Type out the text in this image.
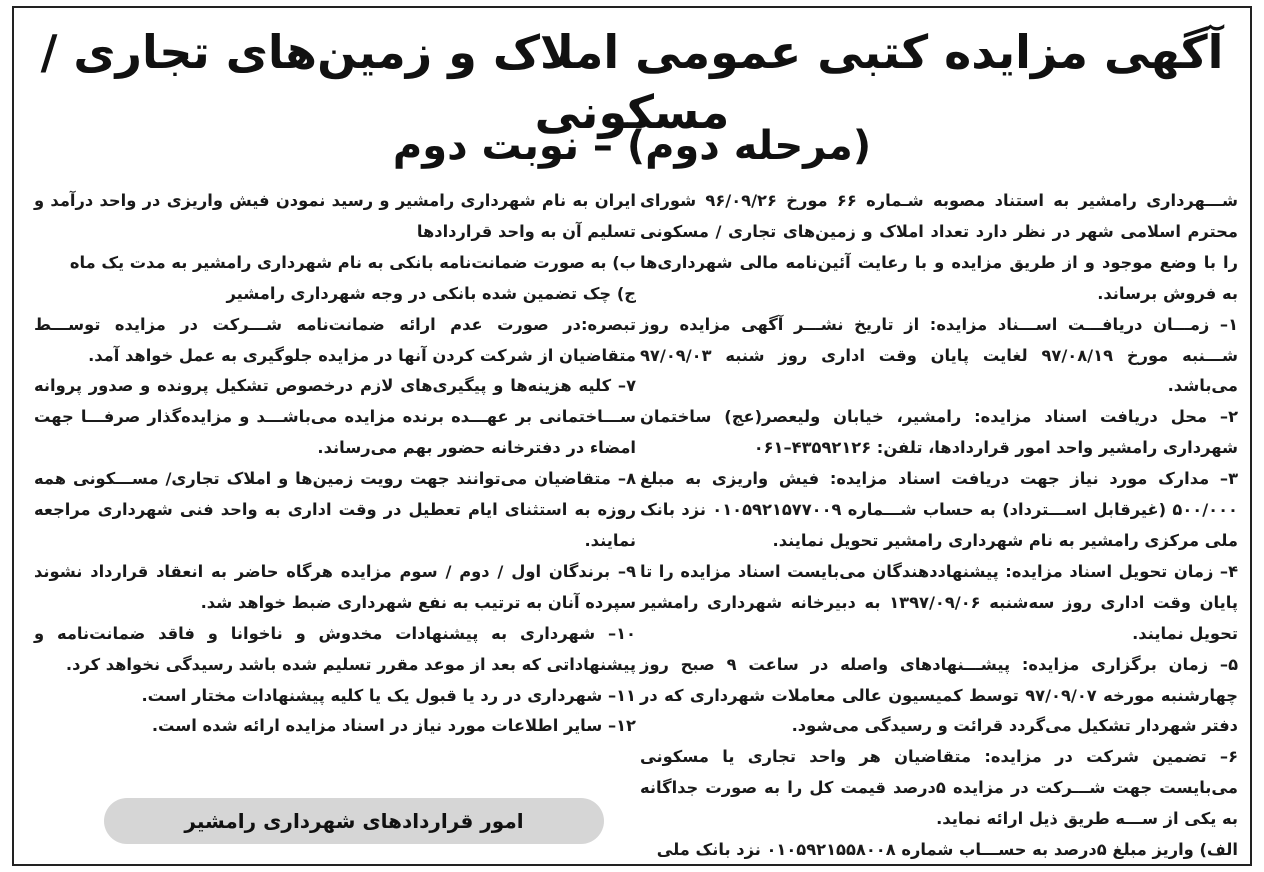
آگهی مزایده کتبی عمومی املاک و زمین‌های تجاری / مسکونی
(مرحله دوم) – نوبت دوم

شـــهرداری رامشیر به استناد مصوبه شـماره ۶۶ مورخ ۹۶/۰۹/۲۶ شورای محترم اسلامی شهر در نظر دارد تعداد املاک و زمین‌های تجاری / مسکونی را با وضع موجود و از طریق مزایده و با رعایت آئین‌نامه مالی شهرداری‌ها به فروش برساند.

۱– زمـــان دریافـــت اســـناد مزایده: از تاریخ نشـــر آگهی مزایده روز شـــنبه مورخ ۹۷/۰۸/۱۹ لغایت پایان وقت اداری روز شنبه ۹۷/۰۹/۰۳ می‌باشد.

۲– محل دریافت اسناد مزایده: رامشیر، خیابان ولیعصر(عج) ساختمان شهرداری رامشیر واحد امور قراردادها، تلفن: ۴۳۵۹۲۱۲۶–۰۶۱

۳– مدارک مورد نیاز جهت دریافت اسناد مزایده: فیش واریزی به مبلغ ۵۰۰/۰۰۰ (غیرقابل اســـترداد) به حساب شـــماره ۰۱۰۵۹۲۱۵۷۷۰۰۹ نزد بانک ملی مرکزی رامشیر به نام شهرداری رامشیر تحویل نمایند.

۴– زمان تحویل اسناد مزایده: پیشنهاددهندگان می‌بایست اسناد مزایده را تا پایان وقت اداری روز سه‌شنبه ۱۳۹۷/۰۹/۰۶ به دبیرخانه شهرداری رامشیر تحویل نمایند.

۵– زمان برگزاری مزایده: پیشـــنهادهای واصله در ساعت ۹ صبح روز چهارشنبه مورخه ۹۷/۰۹/۰۷ توسط کمیسیون عالی معاملات شهرداری که در دفتر شهردار تشکیل می‌گردد قرائت و رسیدگی می‌شود.

۶– تضمین شرکت در مزایده: متقاضیان هر واحد تجاری یا مسکونی می‌بایست جهت شـــرکت در مزایده ۵درصد قیمت کل را به صورت جداگانه به یکی از ســـه طریق ذیل ارائه نماید.

الف) واریز مبلغ ۵درصد به حســـاب شماره ۰۱۰۵۹۲۱۵۵۸۰۰۸ نزد بانک ملی

ایران به نام شهرداری رامشیر و رسید نمودن فیش واریزی در واحد درآمد و تسلیم آن به واحد قراردادها

ب) به صورت ضمانت‌نامه بانکی به نام شهرداری رامشیر به مدت یک ماه

ج) چک تضمین شده بانکی در وجه شهرداری رامشیر

تبصره:در صورت عدم ارائه ضمانت‌نامه شـــرکت در مزایده توســـط متقاضیان از شرکت کردن آنها در مزایده جلوگیری به عمل خواهد آمد.

۷– کلیه هزینه‌ها و پیگیری‌های لازم درخصوص تشکیل پرونده و صدور پروانه ســـاختمانی بر عهـــده برنده مزایده می‌باشـــد و مزایده‌گذار صرفـــا جهت امضاء در دفترخانه حضور بهم می‌رساند.

۸– متقاضیان می‌توانند جهت رویت زمین‌ها و املاک تجاری/ مســـکونی همه روزه به استثنای ایام تعطیل در وقت اداری به واحد فنی شهرداری مراجعه نمایند.

۹– برندگان اول / دوم / سوم مزایده هرگاه حاضر به انعقاد قرارداد نشوند سپرده آنان به ترتیب به نفع شهرداری ضبط خواهد شد.

۱۰– شهرداری به پیشنهادات مخدوش و ناخوانا و فاقد ضمانت‌نامه و پیشنهاداتی که بعد از موعد مقرر تسلیم شده باشد رسیدگی نخواهد کرد.

۱۱– شهرداری در رد یا قبول یک یا کلیه پیشنهادات مختار است.

۱۲– سایر اطلاعات مورد نیاز در اسناد مزایده ارائه شده است.

امور قراردادهای شهرداری رامشیر
